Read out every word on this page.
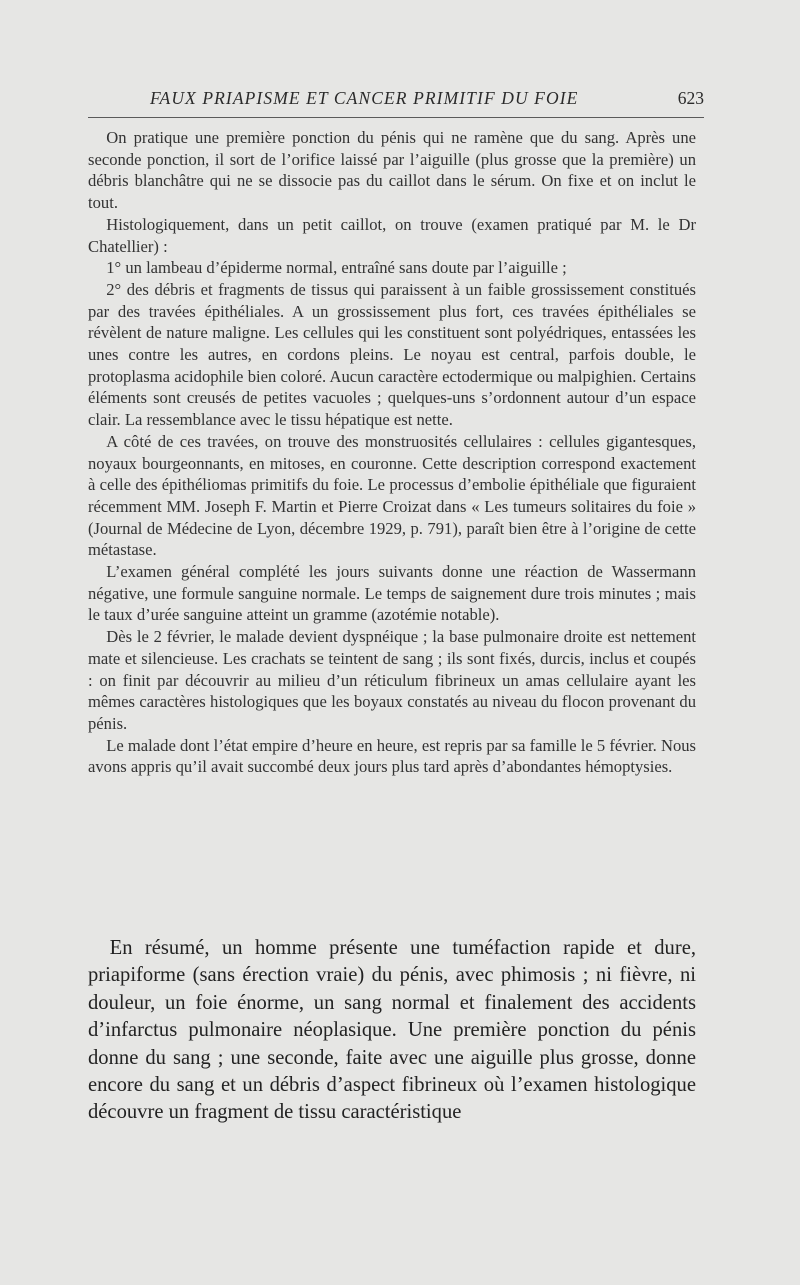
FAUX PRIAPISME ET CANCER PRIMITIF DU FOIE	623

On pratique une première ponction du pénis qui ne ramène que du sang. Après une seconde ponction, il sort de l’orifice laissé par l’aiguille (plus grosse que la première) un débris blanchâtre qui ne se dissocie pas du caillot dans le sérum. On fixe et on inclut le tout.

Histologiquement, dans un petit caillot, on trouve (examen pratiqué par M. le Dr Chatellier) :

1° un lambeau d’épiderme normal, entraîné sans doute par l’aiguille ;

2° des débris et fragments de tissus qui paraissent à un faible grossissement constitués par des travées épithéliales. A un grossissement plus fort, ces travées épithéliales se révèlent de nature maligne. Les cellules qui les constituent sont polyédriques, entassées les unes contre les autres, en cordons pleins. Le noyau est central, parfois double, le protoplasma acidophile bien coloré. Aucun caractère ectodermique ou malpighien. Certains éléments sont creusés de petites vacuoles ; quelques-uns s’ordonnent autour d’un espace clair. La ressemblance avec le tissu hépatique est nette.

A côté de ces travées, on trouve des monstruosités cellulaires : cellules gigantesques, noyaux bourgeonnants, en mitoses, en couronne. Cette description correspond exactement à celle des épithéliomas primitifs du foie. Le processus d’embolie épithéliale que figuraient récemment MM. Joseph F. Martin et Pierre Croizat dans « Les tumeurs solitaires du foie » (Journal de Médecine de Lyon, décembre 1929, p. 791), paraît bien être à l’origine de cette métastase.

L’examen général complété les jours suivants donne une réaction de Wassermann négative, une formule sanguine normale. Le temps de saignement dure trois minutes ; mais le taux d’urée sanguine atteint un gramme (azotémie notable).

Dès le 2 février, le malade devient dyspnéique ; la base pulmonaire droite est nettement mate et silencieuse. Les crachats se teintent de sang ; ils sont fixés, durcis, inclus et coupés : on finit par découvrir au milieu d’un réticulum fibrineux un amas cellulaire ayant les mêmes caractères histologiques que les boyaux constatés au niveau du flocon provenant du pénis.

Le malade dont l’état empire d’heure en heure, est repris par sa famille le 5 février. Nous avons appris qu’il avait succombé deux jours plus tard après d’abondantes hémoptysies.

En résumé, un homme présente une tuméfaction rapide et dure, priapiforme (sans érection vraie) du pénis, avec phimosis ; ni fièvre, ni douleur, un foie énorme, un sang normal et finalement des accidents d’infarctus pulmonaire néoplasique. Une première ponction du pénis donne du sang ; une seconde, faite avec une aiguille plus grosse, donne encore du sang et un débris d’aspect fibrineux où l’examen histologique découvre un fragment de tissu caractéristique
